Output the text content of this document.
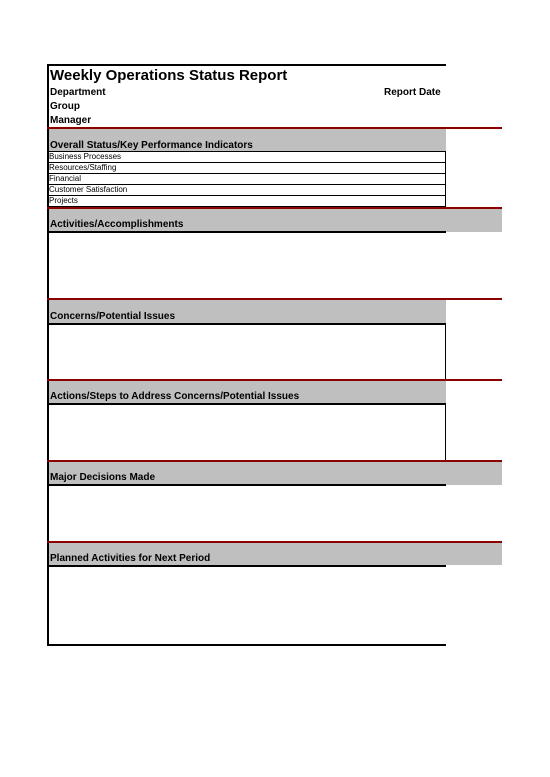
Weekly Operations Status Report
Department	Report Date
Group
Manager
Overall Status/Key Performance Indicators
Business Processes
Resources/Staffing
Financial
Customer Satisfaction
Projects
Activities/Accomplishments
Concerns/Potential Issues
Actions/Steps to Address Concerns/Potential Issues
Major Decisions Made
Planned Activities for Next Period
